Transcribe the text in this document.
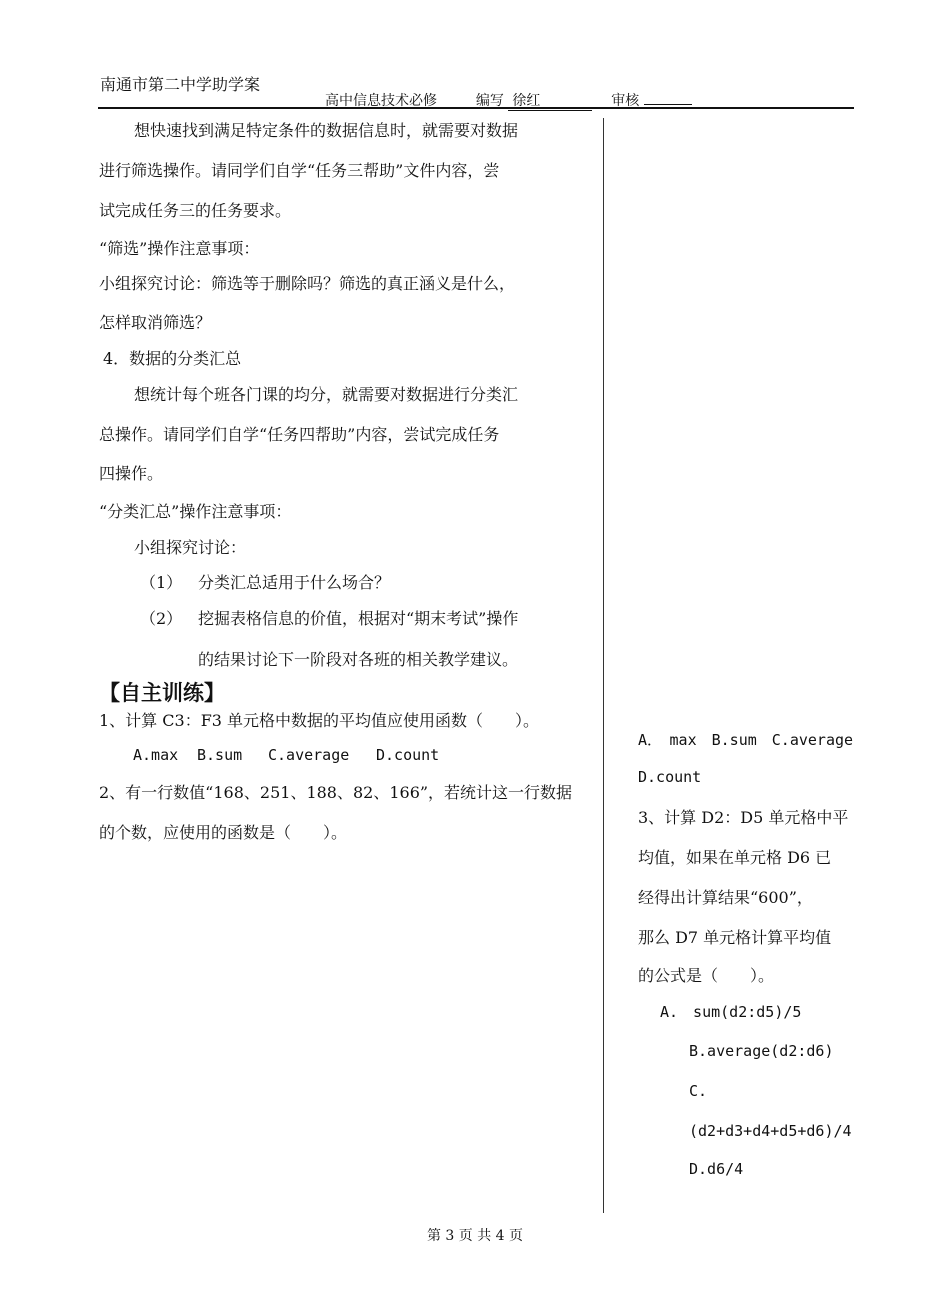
南通市第二中学助学案
高中信息技术必修	编写 徐红	审核
想快速找到满足特定条件的数据信息时，就需要对数据
进行筛选操作。请同学们自学“任务三帮助”文件内容，尝
试完成任务三的任务要求。
“筛选”操作注意事项：
小组探究讨论：筛选等于删除吗？筛选的真正涵义是什么，
怎样取消筛选？
4．数据的分类汇总
想统计每个班各门课的均分，就需要对数据进行分类汇
总操作。请同学们自学“任务四帮助”内容，尝试完成任务
四操作。
“分类汇总”操作注意事项：
小组探究讨论：
（1） 分类汇总适用于什么场合？
（2） 挖掘表格信息的价值，根据对“期末考试”操作
的结果讨论下一阶段对各班的相关教学建议。
【自主训练】
1、计算 C3：F3 单元格中数据的平均值应使用函数（　　）。
A.max B.sum C.average D.count
2、有一行数值“168、251、188、82、166”，若统计这一行数据
的个数，应使用的函数是（　　）。
A．　max　B.sum　C.average
D.count
3、计算 D2：D5 单元格中平
均值，如果在单元格 D6 已
经得出计算结果“600”，
那么 D7 单元格计算平均值
的公式是（　　）。
A.　sum(d2:d5)/5
B.average(d2:d6)
C.
(d2+d3+d4+d5+d6)/4
D.d6/4
第 3 页 共 4 页
